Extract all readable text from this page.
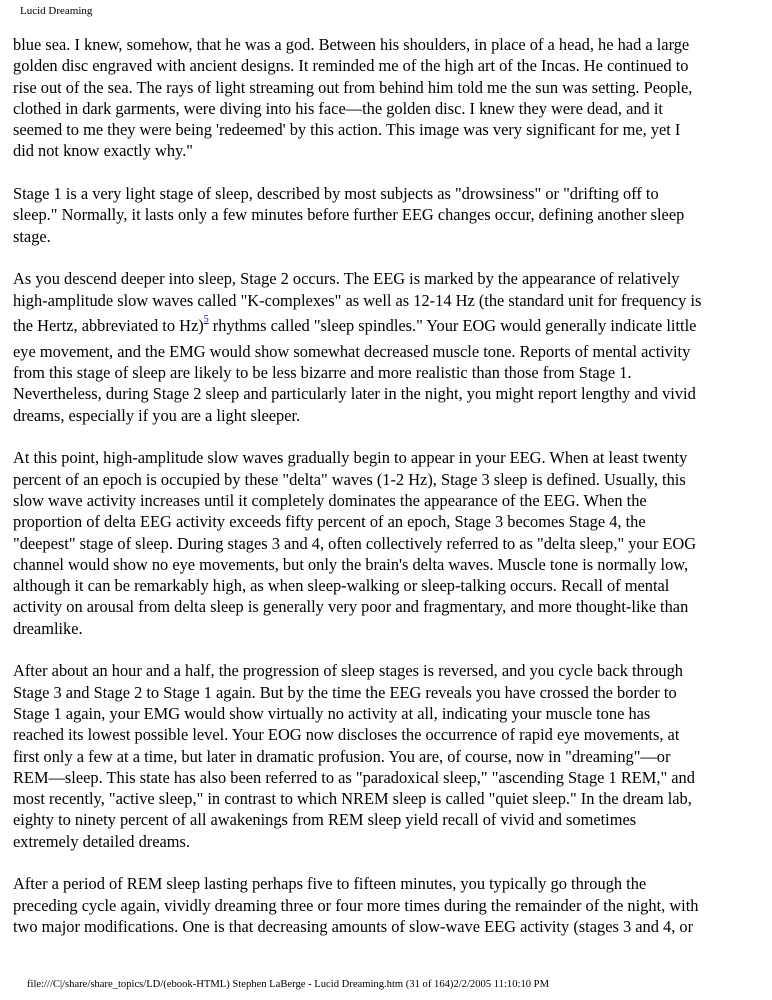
Lucid Dreaming

blue sea. I knew, somehow, that he was a god. Between his shoulders, in place of a head, he had a large
golden disc engraved with ancient designs. It reminded me of the high art of the Incas. He continued to
rise out of the sea. The rays of light streaming out from behind him told me the sun was setting. People,
clothed in dark garments, were diving into his face—the golden disc. I knew they were dead, and it
seemed to me they were being 'redeemed' by this action. This image was very significant for me, yet I
did not know exactly why."

Stage 1 is a very light stage of sleep, described by most subjects as "drowsiness" or "drifting off to
sleep." Normally, it lasts only a few minutes before further EEG changes occur, defining another sleep
stage.

As you descend deeper into sleep, Stage 2 occurs. The EEG is marked by the appearance of relatively
high-amplitude slow waves called "K-complexes" as well as 12-14 Hz (the standard unit for frequency is
the Hertz, abbreviated to Hz)$^5$ rhythms called "sleep spindles." Your EOG would generally indicate little
eye movement, and the EMG would show somewhat decreased muscle tone. Reports of mental activity
from this stage of sleep are likely to be less bizarre and more realistic than those from Stage 1.
Nevertheless, during Stage 2 sleep and particularly later in the night, you might report lengthy and vivid
dreams, especially if you are a light sleeper.

At this point, high-amplitude slow waves gradually begin to appear in your EEG. When at least twenty
percent of an epoch is occupied by these "delta" waves (1-2 Hz), Stage 3 sleep is defined. Usually, this
slow wave activity increases until it completely dominates the appearance of the EEG. When the
proportion of delta EEG activity exceeds fifty percent of an epoch, Stage 3 becomes Stage 4, the
"deepest" stage of sleep. During stages 3 and 4, often collectively referred to as "delta sleep," your EOG
channel would show no eye movements, but only the brain's delta waves. Muscle tone is normally low,
although it can be remarkably high, as when sleep-walking or sleep-talking occurs. Recall of mental
activity on arousal from delta sleep is generally very poor and fragmentary, and more thought-like than
dreamlike.

After about an hour and a half, the progression of sleep stages is reversed, and you cycle back through
Stage 3 and Stage 2 to Stage 1 again. But by the time the EEG reveals you have crossed the border to
Stage 1 again, your EMG would show virtually no activity at all, indicating your muscle tone has
reached its lowest possible level. Your EOG now discloses the occurrence of rapid eye movements, at
first only a few at a time, but later in dramatic profusion. You are, of course, now in "dreaming"—or
REM—sleep. This state has also been referred to as "paradoxical sleep," "ascending Stage 1 REM," and
most recently, "active sleep," in contrast to which NREM sleep is called "quiet sleep." In the dream lab,
eighty to ninety percent of all awakenings from REM sleep yield recall of vivid and sometimes
extremely detailed dreams.

After a period of REM sleep lasting perhaps five to fifteen minutes, you typically go through the
preceding cycle again, vividly dreaming three or four more times during the remainder of the night, with
two major modifications. One is that decreasing amounts of slow-wave EEG activity (stages 3 and 4, or

file:///C|/share/share_topics/LD/(ebook-HTML) Stephen LaBerge - Lucid Dreaming.htm (31 of 164)2/2/2005 11:10:10 PM
